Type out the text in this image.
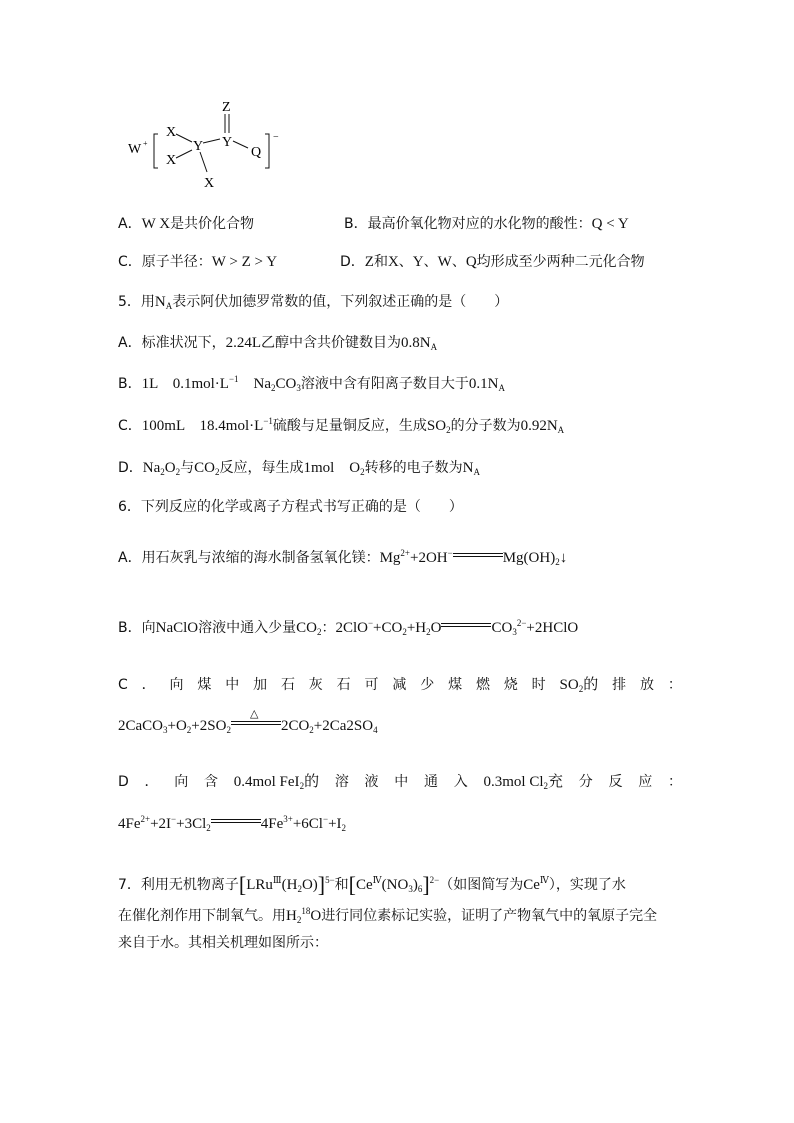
W +
X
X
Y
X
Y
Z
Q
−
A．W X是共价化合物	B．最高价氧化物对应的水化物的酸性：Q < Y
C．原子半径：W > Z > Y	D．Z和X、Y、W、Q均形成至少两种二元化合物
5．用$N_A$表示阿伏加德罗常数的值，下列叙述正确的是（　　）
A．标准状况下，2.24L乙醇中含共价键数目为$0.8N_A$
B．1L　$0.1mol\cdot L^{-1}$　$Na_2CO_3$溶液中含有阳离子数目大于$0.1N_A$
C．100mL　$18.4mol\cdot L^{-1}$硫酸与足量铜反应，生成$SO_2$的分子数为$0.92N_A$
D．$Na_2O_2$与$CO_2$反应，每生成1mol　$O_2$转移的电子数为$N_A$
6．下列反应的化学或离子方程式书写正确的是（　　）
A．用石灰乳与浓缩的海水制备氢氧化镁：$Mg^{2+}+2OH^-$	$Mg(OH)_2↓$
B．向NaClO溶液中通入少量$CO_2$：$2ClO^-+CO_2+H_2O$	$CO_3^{2-}+2HClO$
C ． 向 煤 中 加 石 灰 石 可 减 少 煤 燃 烧 时 $SO_2$的 排 放 ：
$2CaCO_3+O_2+2SO_2$
△
$2CO_2+2Ca2SO_4$
D ． 向 含 0.4mol FeI$_2$的 溶 液 中 通 入 0.3mol $Cl_2$充 分 反 应 ：
$4Fe^{2+}+2I^-+3Cl_2$	$4Fe^{3+}+6Cl^-+I_2$
7．利用无机物离子$[LRu^Ⅲ(H_2O)]^{5-}$和$[Ce^Ⅳ(NO_3)_6]^{2-}$（如图简写为$Ce^Ⅳ$），实现了水
在催化剂作用下制氧气。用$H_2^{18}O$进行同位素标记实验，证明了产物氧气中的氧原子完全
来自于水。其相关机理如图所示：
